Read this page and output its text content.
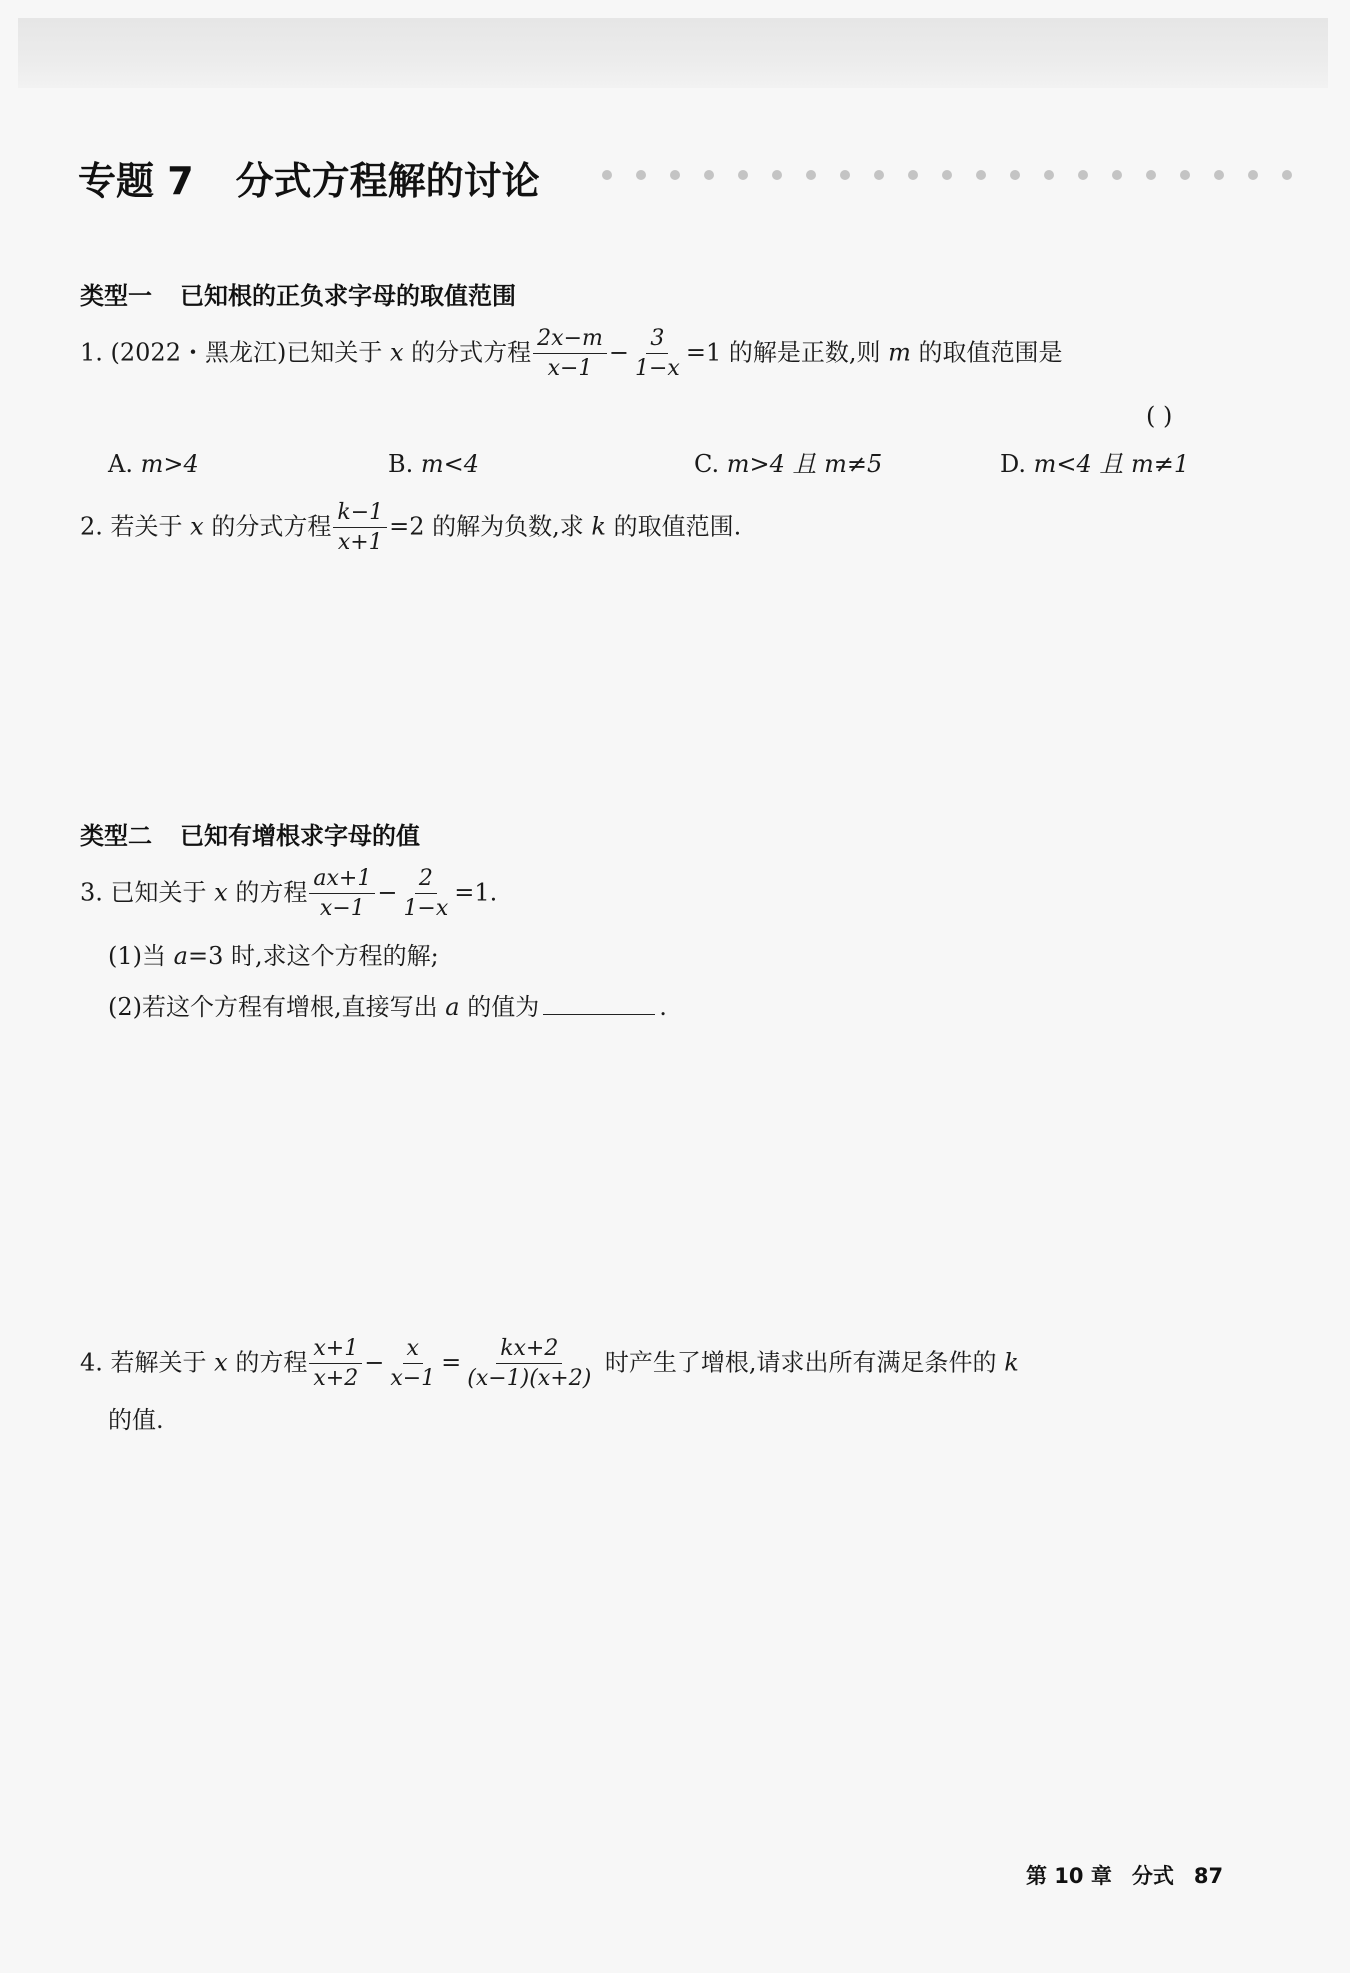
专题 7 分式方程解的讨论
类型一 已知根的正负求字母的取值范围
1. (2022・黑龙江)已知关于 x 的分式方程 $\frac{2x-m}{x-1} - \frac{3}{1-x} =1$ 的解是正数,则 m 的取值范围是
( )
A. m>4	B. m<4	C. m>4 且 m≠5	D. m<4 且 m≠1
2. 若关于 x 的分式方程 $\frac{k-1}{x+1} =2$ 的解为负数,求 k 的取值范围.
类型二 已知有增根求字母的值
3. 已知关于 x 的方程 $\frac{ax+1}{x-1} - \frac{2}{1-x} =1$.
(1)当 a=3 时,求这个方程的解;
(2)若这个方程有增根,直接写出 a 的值为	.
4. 若解关于 x 的方程 $\frac{x+1}{x+2} - \frac{x}{x-1} = \frac{kx+2}{(x-1)(x+2)}$ 时产生了增根,请求出所有满足条件的 k
的值.
第 10 章 分式 87
